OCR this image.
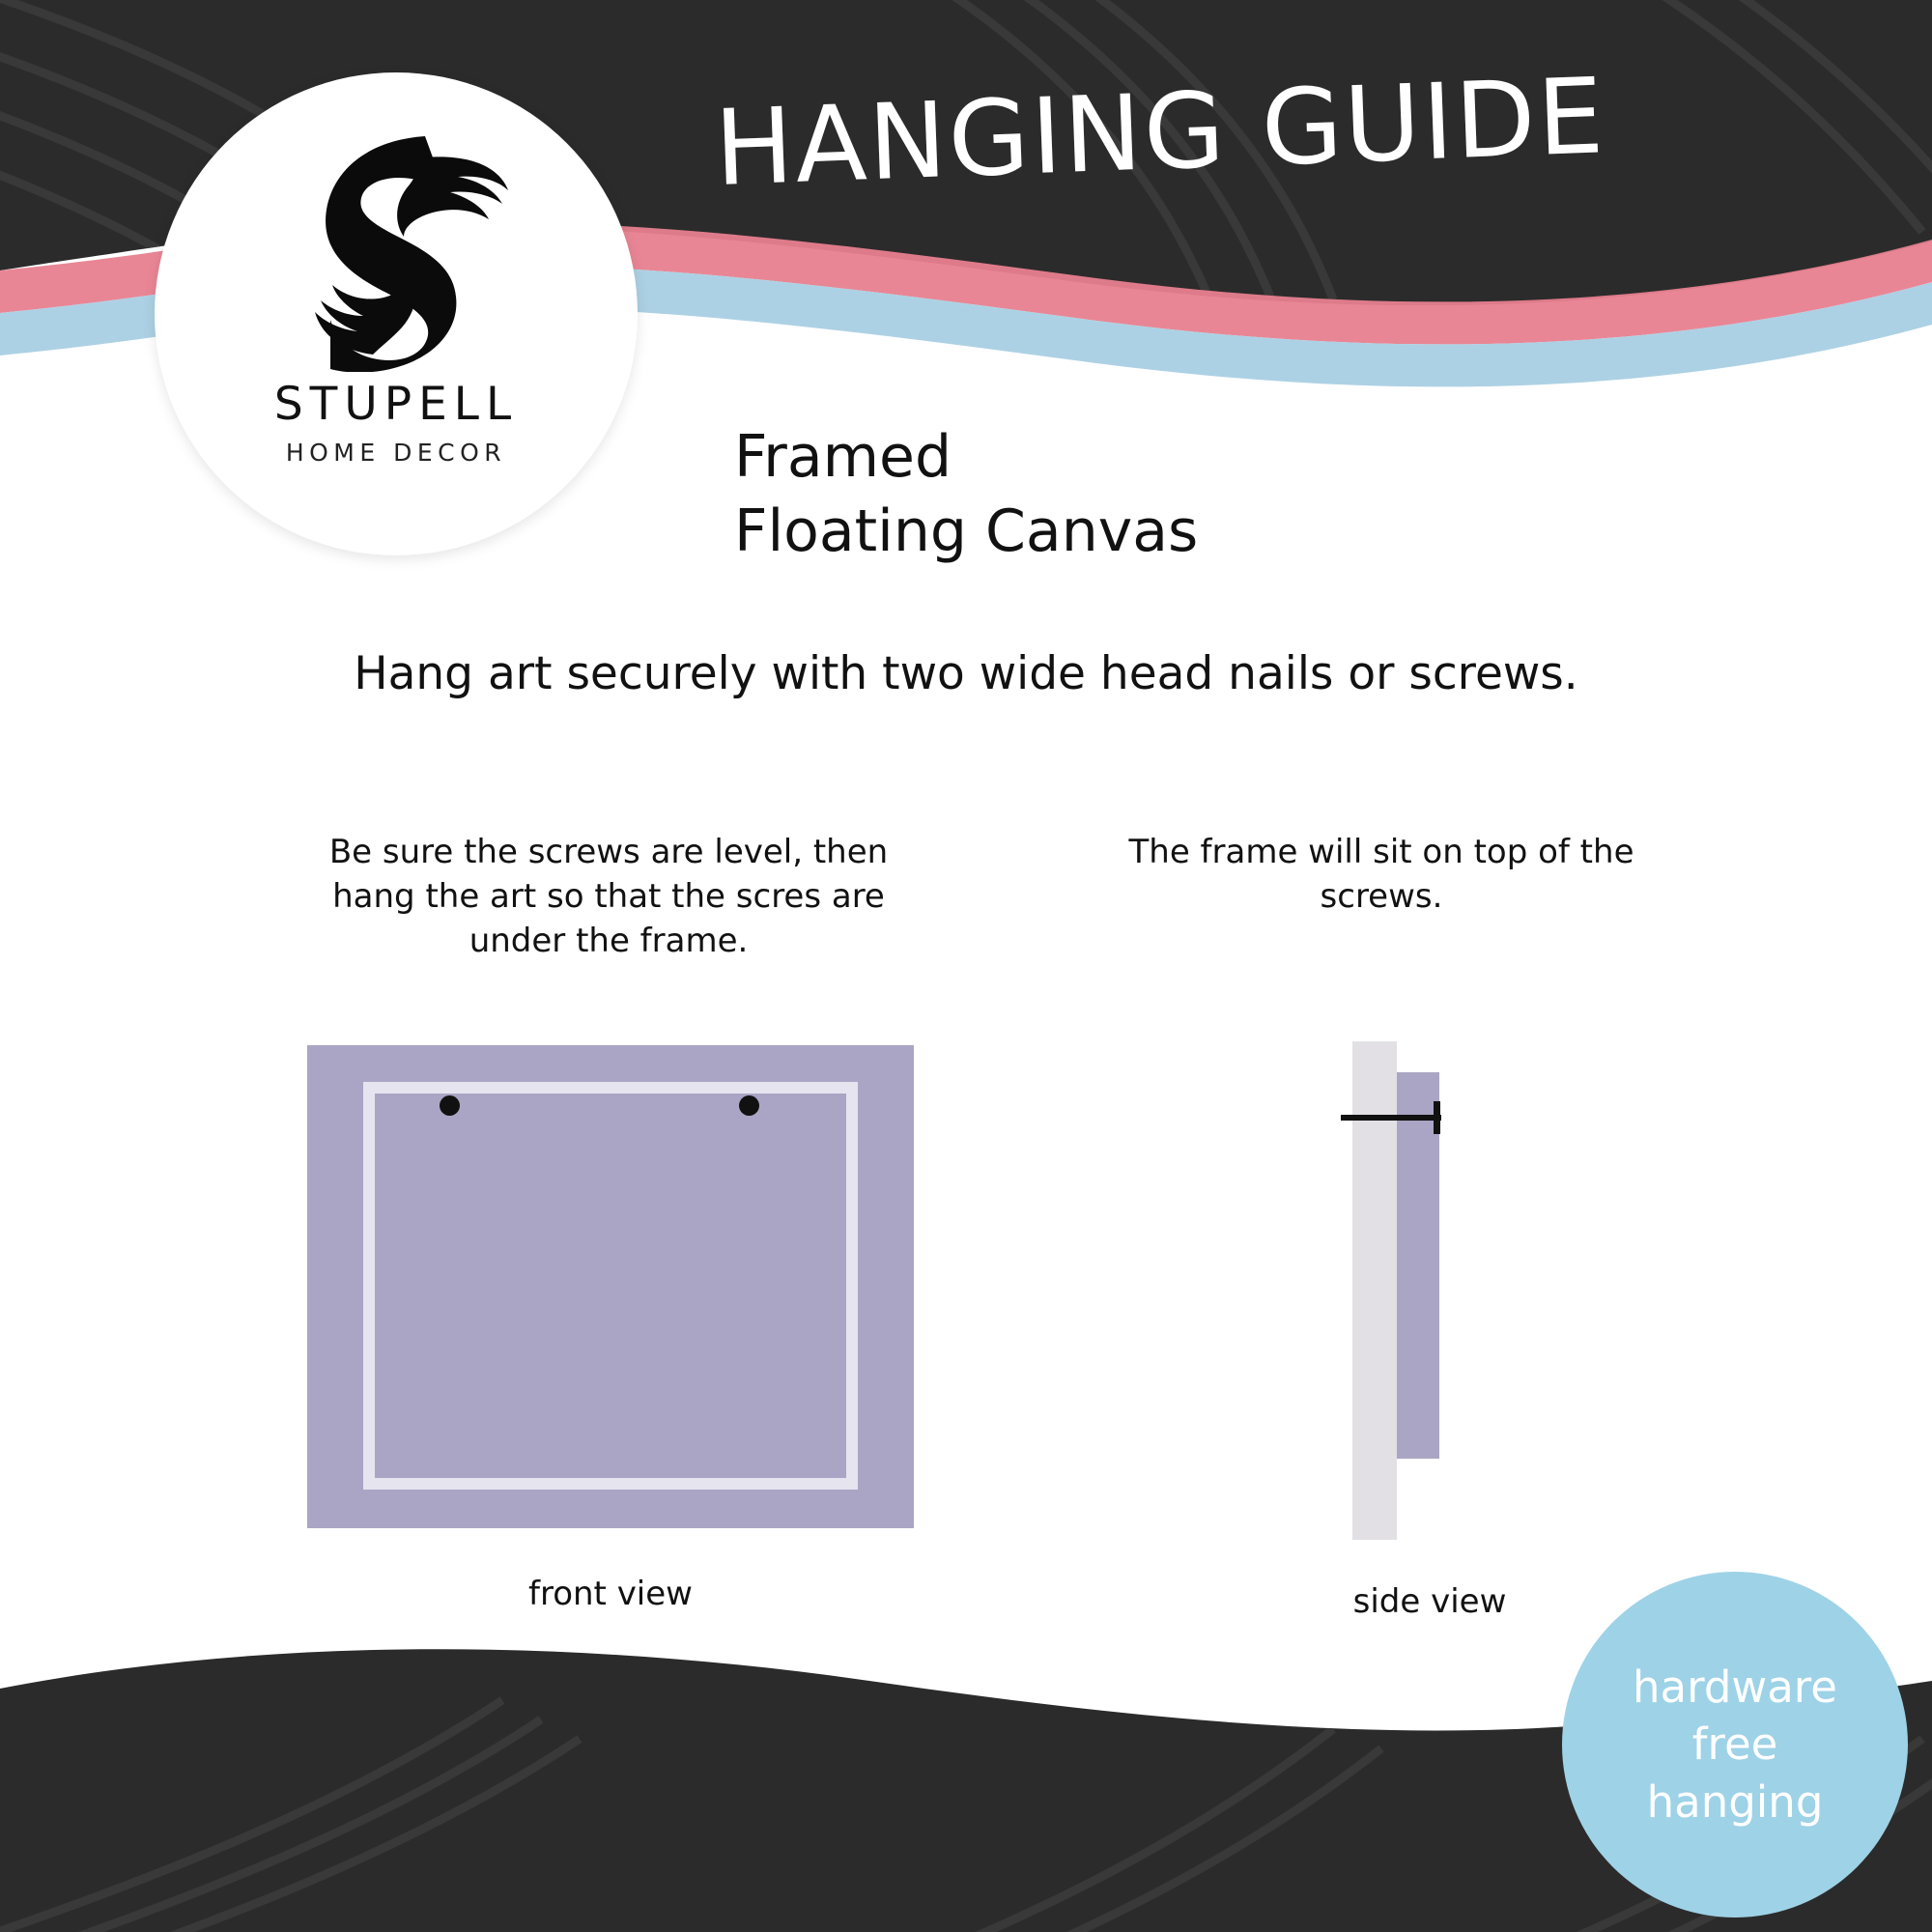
STUPELL
HOME DECOR
HANGING GUIDE
Framed
Floating Canvas
Hang art securely with two wide head nails or screws.
Be sure the screws are level, then hang the art so that the scres are under the frame.
front view
The frame will sit on top of the screws.
side view
hardware
free
hanging
